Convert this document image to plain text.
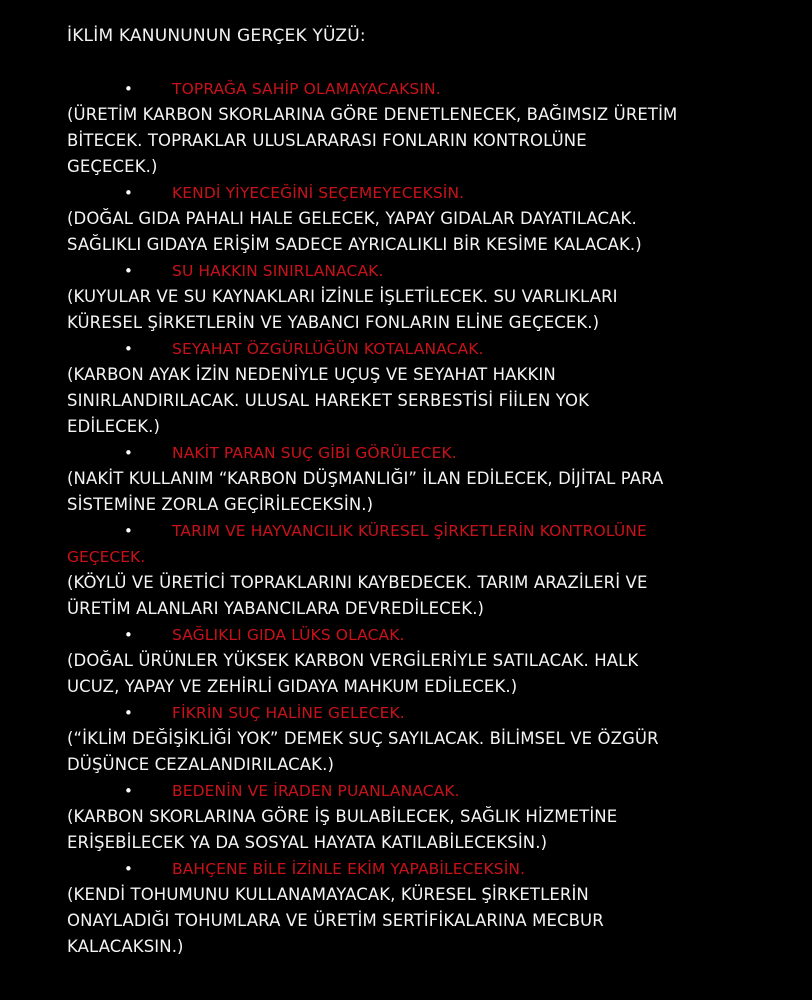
İKLİM KANUNUNUN GERÇEK YÜZÜ:
•	TOPRAĞA SAHİP OLAMAYACAKSIN.
(ÜRETİM KARBON SKORLARINA GÖRE DENETLENECEK, BAĞIMSIZ ÜRETİM
BİTECEK. TOPRAKLAR ULUSLARARASI FONLARIN KONTROLÜNE
GEÇECEK.)
•	KENDİ YİYECEĞİNİ SEÇEMEYECEKSİN.
(DOĞAL GIDA PAHALI HALE GELECEK, YAPAY GIDALAR DAYATILACAK.
SAĞLIKLI GIDAYA ERİŞİM SADECE AYRICALIKLI BİR KESİME KALACAK.)
•	SU HAKKIN SINIRLANACAK.
(KUYULAR VE SU KAYNAKLARI İZİNLE İŞLETİLECEK. SU VARLIKLARI
KÜRESEL ŞİRKETLERİN VE YABANCI FONLARIN ELİNE GEÇECEK.)
•	SEYAHAT ÖZGÜRLÜĞÜN KOTALANACAK.
(KARBON AYAK İZİN NEDENİYLE UÇUŞ VE SEYAHAT HAKKIN
SINIRLANDIRILACAK. ULUSAL HAREKET SERBESTİSİ FİİLEN YOK
EDİLECEK.)
•	NAKİT PARAN SUÇ GİBİ GÖRÜLECEK.
(NAKİT KULLANIM “KARBON DÜŞMANLIĞI” İLAN EDİLECEK, DİJİTAL PARA
SİSTEMİNE ZORLA GEÇİRİLECEKSİN.)
•	TARIM VE HAYVANCILIK KÜRESEL ŞİRKETLERİN KONTROLÜNE
GEÇECEK.
(KÖYLÜ VE ÜRETİCİ TOPRAKLARINI KAYBEDECEK. TARIM ARAZİLERİ VE
ÜRETİM ALANLARI YABANCILARA DEVREDİLECEK.)
•	SAĞLIKLI GIDA LÜKS OLACAK.
(DOĞAL ÜRÜNLER YÜKSEK KARBON VERGİLERİYLE SATILACAK. HALK
UCUZ, YAPAY VE ZEHİRLİ GIDAYA MAHKUM EDİLECEK.)
•	FİKRİN SUÇ HALİNE GELECEK.
(“İKLİM DEĞİŞİKLİĞİ YOK” DEMEK SUÇ SAYILACAK. BİLİMSEL VE ÖZGÜR
DÜŞÜNCE CEZALANDIRILACAK.)
•	BEDENİN VE İRADEN PUANLANACAK.
(KARBON SKORLARINA GÖRE İŞ BULABİLECEK, SAĞLIK HİZMETİNE
ERİŞEBİLECEK YA DA SOSYAL HAYATA KATILABİLECEKSİN.)
•	BAHÇENE BİLE İZİNLE EKİM YAPABİLECEKSİN.
(KENDİ TOHUMUNU KULLANAMAYACAK, KÜRESEL ŞİRKETLERİN
ONAYLADIĞI TOHUMLARA VE ÜRETİM SERTİFİKALARINA MECBUR
KALACAKSIN.)
